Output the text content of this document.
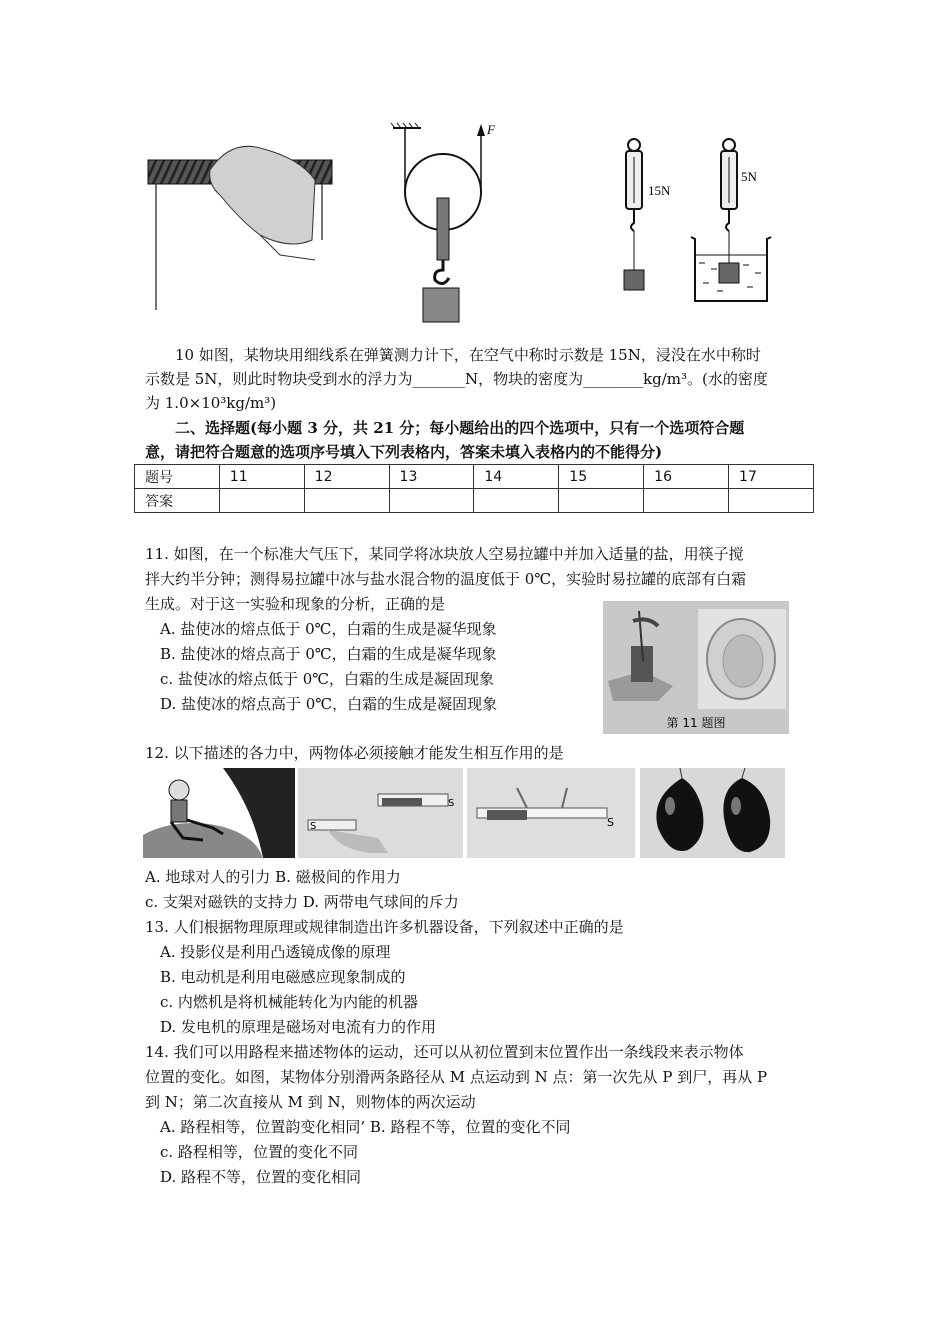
F
15N
5N
10 如图，某物块用细线系在弹簧测力计下，在空气中称时示数是 15N，浸没在水中称时
示数是 5N，则此时物块受到水的浮力为_______N，物块的密度为________kg/m³。(水的密度
为 1.0×10³kg/m³)
二、选择题(每小题 3 分，共 21 分；每小题给出的四个选项中，只有一个选项符合题
意，请把符合题意的选项序号填入下列表格内，答案未填入表格内的不能得分)
题号	11	12	13	14	15	16	17
答案							
11. 如图，在一个标准大气压下，某同学将冰块放人空易拉罐中并加入适量的盐，用筷子搅
拌大约半分钟；测得易拉罐中冰与盐水混合物的温度低于 0℃，实验时易拉罐的底部有白霜
生成。对于这一实验和现象的分析，正确的是
A. 盐使冰的熔点低于 0℃，白霜的生成是凝华现象
B. 盐使冰的熔点高于 0℃，白霜的生成是凝华现象
c. 盐使冰的熔点低于 0℃，白霜的生成是凝固现象
D. 盐使冰的熔点高于 0℃，白霜的生成是凝固现象
第 11 题图
12. 以下描述的各力中，两物体必须接触才能发生相互作用的是
S
S	S
A. 地球对人的引力 B. 磁极间的作用力
c. 支架对磁铁的支持力 D. 两带电气球间的斥力
13. 人们根据物理原理或规律制造出许多机器设备，下列叙述中正确的是
A. 投影仪是利用凸透镜成像的原理
B. 电动机是利用电磁感应现象制成的
c. 内燃机是将机械能转化为内能的机器
D. 发电机的原理是磁场对电流有力的作用
14. 我们可以用路程来描述物体的运动，还可以从初位置到末位置作出一条线段来表示物体
位置的变化。如图，某物体分别滑两条路径从 M 点运动到 N 点：第一次先从 P 到尸，再从 P
到 N；第二次直接从 M 到 N，则物体的两次运动
A. 路程相等，位置韵变化相同’ B. 路程不等，位置的变化不同
c. 路程相等，位置的变化不同
D. 路程不等，位置的变化相同
